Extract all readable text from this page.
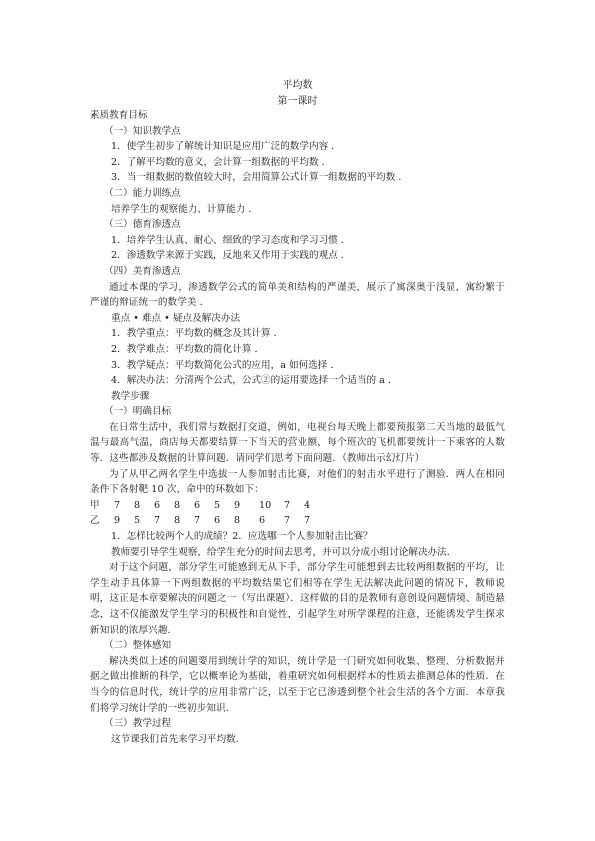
平均数
第一课时
素质教育目标
（一）知识教学点
1．使学生初步了解统计知识是应用广泛的数学内容 ．
2．了解平均数的意义，会计算一组数据的平均数 ．
3．当一组数据的数值较大时，会用简算公式计算一组数据的平均数 ．
（二）能力训练点
培养学生的观察能力、计算能力 ．
（三）德育渗透点
1．培养学生认真、耐心、细致的学习态度和学习习惯 ．
2．渗透数学来源于实践，反地来又作用于实践的观点 ．
（四）美育渗透点
通过本课的学习，渗透数学公式的简单美和结构的严谨美，展示了寓深奥于浅显，寓纷繁于严谨的辩证统一的数学美 ．
重点 • 难点 • 疑点及解决办法
1．教学重点：平均数的概念及其计算 ．
2．教学难点：平均数的简化计算 ．
3．教学疑点：平均数简化公式的应用，a 如何选择 ．
4．解决办法：分清两个公式，公式②的运用要选择一个适当的 a ．
教学步骤
（一）明确目标
在日常生活中，我们常与数据打交道，例如，电视台每天晚上都要预报第二天当地的最低气温与最高气温，商店每天都要结算一下当天的营业额，每个班次的飞机都要统计一下乘客的人数等．这些都涉及数据的计算问题．请同学们思考下面问题．（教师出示幻灯片）
为了从甲乙两名学生中选拔一人参加射击比赛，对他们的射击水平进行了测验．两人在相同条件下各射靶 10 次，命中的环数如下：
甲	7	8	6	8	6	5	9	10	7	4
乙	9	5	7	8	7	6	8	6	7	7
1．怎样比较两个人的成绩？2．应选哪一个人参加射击比赛？
教师要引导学生观察，给学生充分的时间去思考，并可以分成小组讨论解决办法．
对于这个问题，部分学生可能感到无从下手，部分学生可能想到去比较两组数据的平均，让学生动手具体算一下两组数据的平均数结果它们相等在学生无法解决此问题的情况下，教师说明，这正是本章要解决的问题之一（写出课题）．这样做的目的是教师有意创设问题情境、制造悬念，这不仅能激发学生学习的积极性和自觉性，引起学生对所学课程的注意，还能诱发学生探求新知识的浓厚兴趣．
（二）整体感知
解决类似上述的问题要用到统计学的知识，统计学是一门研究如何收集、整理、分析数据并据之做出推断的科学，它以概率论为基础，着重研究如何根据样本的性质去推测总体的性质．在当今的信息时代，统计学的应用非常广泛，以至于它已渗透到整个社会生活的各个方面．本章我们将学习统计学的一些初步知识．
（三）教学过程
这节课我们首先来学习平均数．
